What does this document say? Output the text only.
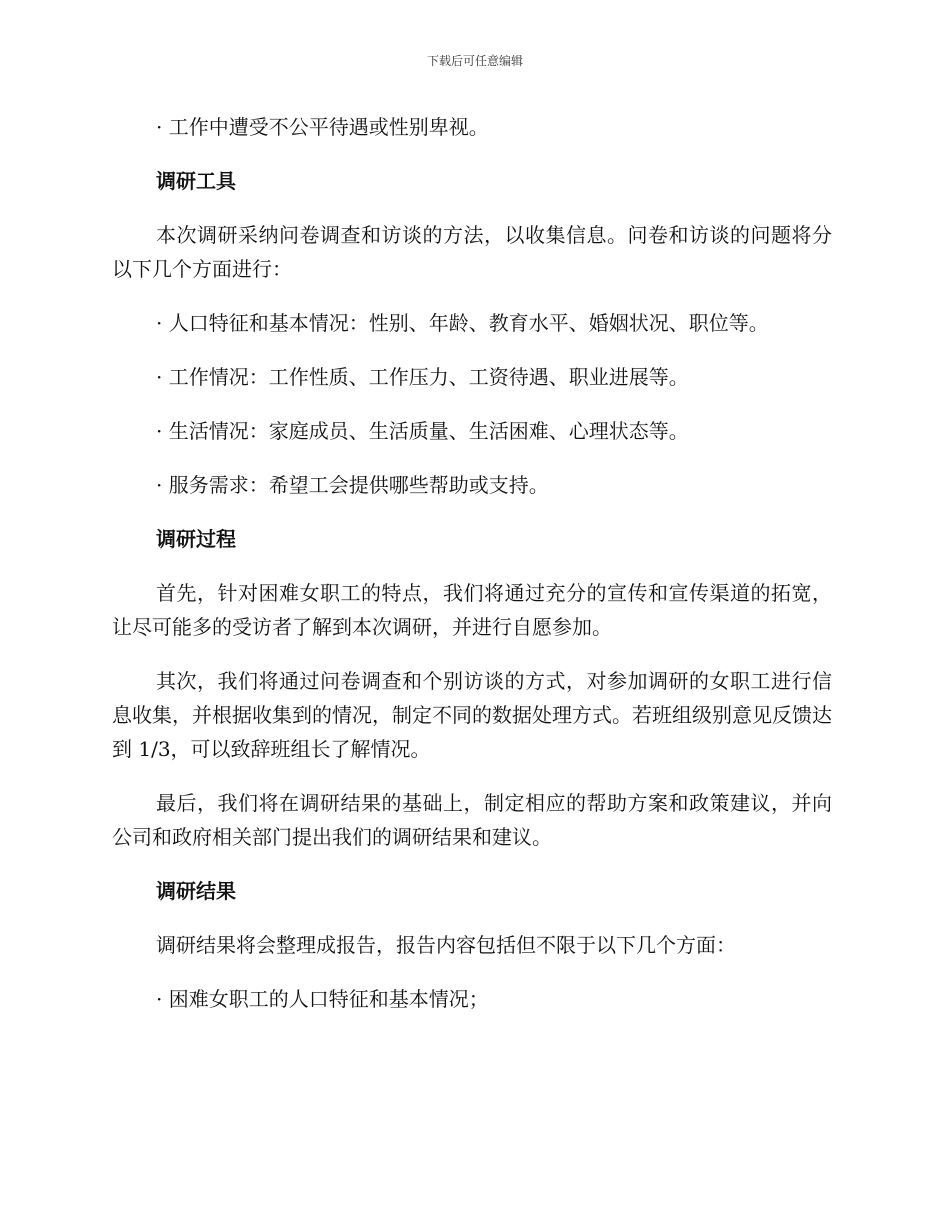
下载后可任意编辑

· 工作中遭受不公平待遇或性别卑视。

调研工具

本次调研采纳问卷调查和访谈的方法，以收集信息。问卷和访谈的问题将分以下几个方面进行：

· 人口特征和基本情况：性别、年龄、教育水平、婚姻状况、职位等。

· 工作情况：工作性质、工作压力、工资待遇、职业进展等。

· 生活情况：家庭成员、生活质量、生活困难、心理状态等。

· 服务需求：希望工会提供哪些帮助或支持。

调研过程

首先，针对困难女职工的特点，我们将通过充分的宣传和宣传渠道的拓宽，让尽可能多的受访者了解到本次调研，并进行自愿参加。

其次，我们将通过问卷调查和个别访谈的方式，对参加调研的女职工进行信息收集，并根据收集到的情况，制定不同的数据处理方式。若班组级别意见反馈达到 1/3，可以致辞班组长了解情况。

最后，我们将在调研结果的基础上，制定相应的帮助方案和政策建议，并向公司和政府相关部门提出我们的调研结果和建议。

调研结果

调研结果将会整理成报告，报告内容包括但不限于以下几个方面：

· 困难女职工的人口特征和基本情况；
